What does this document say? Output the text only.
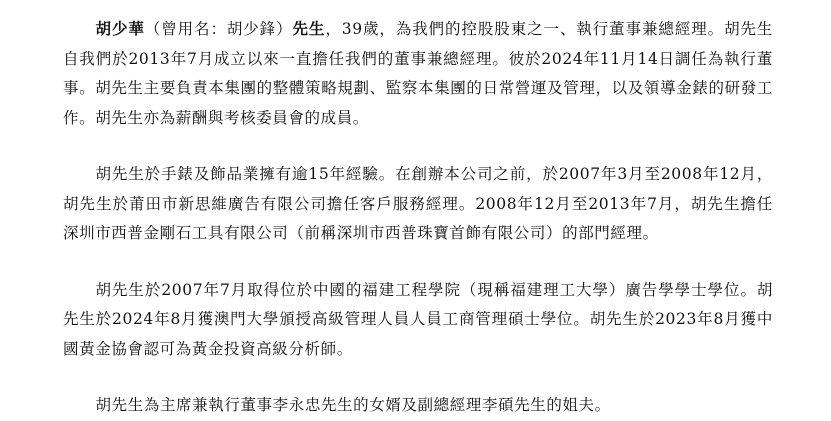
胡少華（曾用名：胡少鋒）先生，39歲，為我們的控股股東之一、執行董事兼總經理。胡先生自我們於2013年7月成立以來一直擔任我們的董事兼總經理。彼於2024年11月14日調任為執行董事。胡先生主要負責本集團的整體策略規劃、監察本集團的日常營運及管理，以及領導金錶的研發工作。胡先生亦為薪酬與考核委員會的成員。

胡先生於手錶及飾品業擁有逾15年經驗。在創辦本公司之前，於2007年3月至2008年12月，胡先生於莆田市新思維廣告有限公司擔任客戶服務經理。2008年12月至2013年7月，胡先生擔任深圳市西普金剛石工具有限公司（前稱深圳市西普珠寶首飾有限公司）的部門經理。

胡先生於2007年7月取得位於中國的福建工程學院（現稱福建理工大學）廣告學學士學位。胡先生於2024年8月獲澳門大學頒授高級管理人員人員工商管理碩士學位。胡先生於2023年8月獲中國黃金協會認可為黃金投資高級分析師。

胡先生為主席兼執行董事李永忠先生的女婿及副總經理李碩先生的姐夫。
